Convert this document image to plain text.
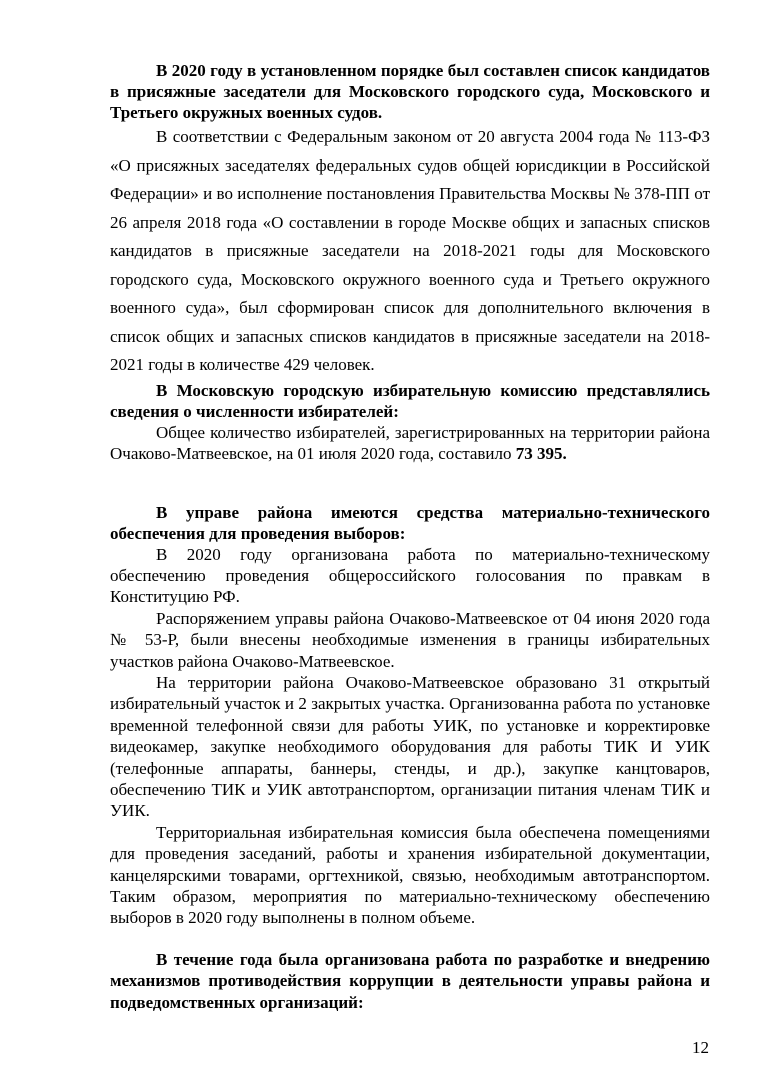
В 2020 году в установленном порядке был составлен список кандидатов в присяжные заседатели для Московского городского суда, Московского и Третьего окружных военных судов.

В соответствии с Федеральным законом от 20 августа 2004 года № 113-ФЗ «О присяжных заседателях федеральных судов общей юрисдикции в Российской Федерации» и во исполнение постановления Правительства Москвы № 378-ПП от 26 апреля 2018 года «О составлении в городе Москве общих и запасных списков кандидатов в присяжные заседатели на 2018-2021 годы для Московского городского суда, Московского окружного военного суда и Третьего окружного военного суда», был сформирован список для дополнительного включения в список общих и запасных списков кандидатов в присяжные заседатели на 2018-2021 годы в количестве 429 человек.

В Московскую городскую избирательную комиссию представлялись сведения о численности избирателей:

Общее количество избирателей, зарегистрированных на территории района Очаково-Матвеевское, на 01 июля 2020 года, составило 73 395.

В управе района имеются средства материально-технического обеспечения для проведения выборов:

В 2020 году организована работа по материально-техническому обеспечению проведения общероссийского голосования по правкам в Конституцию РФ.

Распоряжением управы района Очаково-Матвеевское от 04 июня 2020 года № 53-Р, были внесены необходимые изменения в границы избирательных участков района Очаково-Матвеевское.

На территории района Очаково-Матвеевское образовано 31 открытый избирательный участок и 2 закрытых участка. Организованна работа по установке временной телефонной связи для работы УИК, по установке и корректировке видеокамер, закупке необходимого оборудования для работы ТИК И УИК (телефонные аппараты, баннеры, стенды, и др.), закупке канцтоваров, обеспечению ТИК и УИК автотранспортом, организации питания членам ТИК и УИК.

Территориальная избирательная комиссия была обеспечена помещениями для проведения заседаний, работы и хранения избирательной документации, канцелярскими товарами, оргтехникой, связью, необходимым автотранспортом. Таким образом, мероприятия по материально-техническому обеспечению выборов в 2020 году выполнены в полном объеме.

В течение года была организована работа по разработке и внедрению механизмов противодействия коррупции в деятельности управы района и подведомственных организаций:

12
